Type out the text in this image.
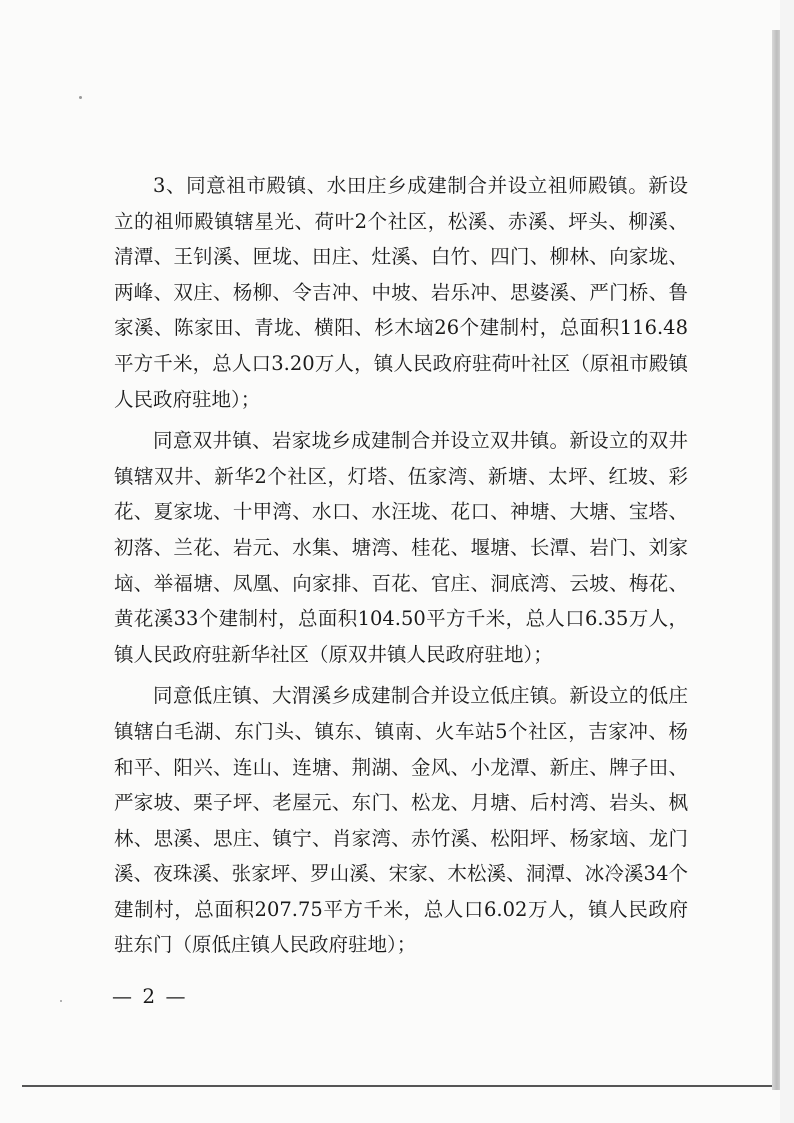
3、同意祖市殿镇、水田庄乡成建制合并设立祖师殿镇。新设立的祖师殿镇辖星光、荷叶2个社区，松溪、赤溪、坪头、柳溪、清潭、王钊溪、匣垅、田庄、灶溪、白竹、四门、柳林、向家垅、两峰、双庄、杨柳、令吉冲、中坡、岩乐冲、思婆溪、严门桥、鲁家溪、陈家田、青垅、横阳、杉木垴26个建制村，总面积116.48平方千米，总人口3.20万人，镇人民政府驻荷叶社区（原祖市殿镇人民政府驻地）；

同意双井镇、岩家垅乡成建制合并设立双井镇。新设立的双井镇辖双井、新华2个社区，灯塔、伍家湾、新塘、太坪、红坡、彩花、夏家垅、十甲湾、水口、水汪垅、花口、神塘、大塘、宝塔、初落、兰花、岩元、水集、塘湾、桂花、堰塘、长潭、岩门、刘家垴、举福塘、凤凰、向家排、百花、官庄、洞底湾、云坡、梅花、黄花溪33个建制村，总面积104.50平方千米，总人口6.35万人，镇人民政府驻新华社区（原双井镇人民政府驻地）；

同意低庄镇、大渭溪乡成建制合并设立低庄镇。新设立的低庄镇辖白毛湖、东门头、镇东、镇南、火车站5个社区，吉家冲、杨和平、阳兴、连山、连塘、荆湖、金风、小龙潭、新庄、牌子田、严家坡、栗子坪、老屋元、东门、松龙、月塘、后村湾、岩头、枫林、思溪、思庄、镇宁、肖家湾、赤竹溪、松阳坪、杨家垴、龙门溪、夜珠溪、张家坪、罗山溪、宋家、木松溪、洞潭、冰冷溪34个建制村，总面积207.75平方千米，总人口6.02万人，镇人民政府驻东门（原低庄镇人民政府驻地）；

— 2 —
